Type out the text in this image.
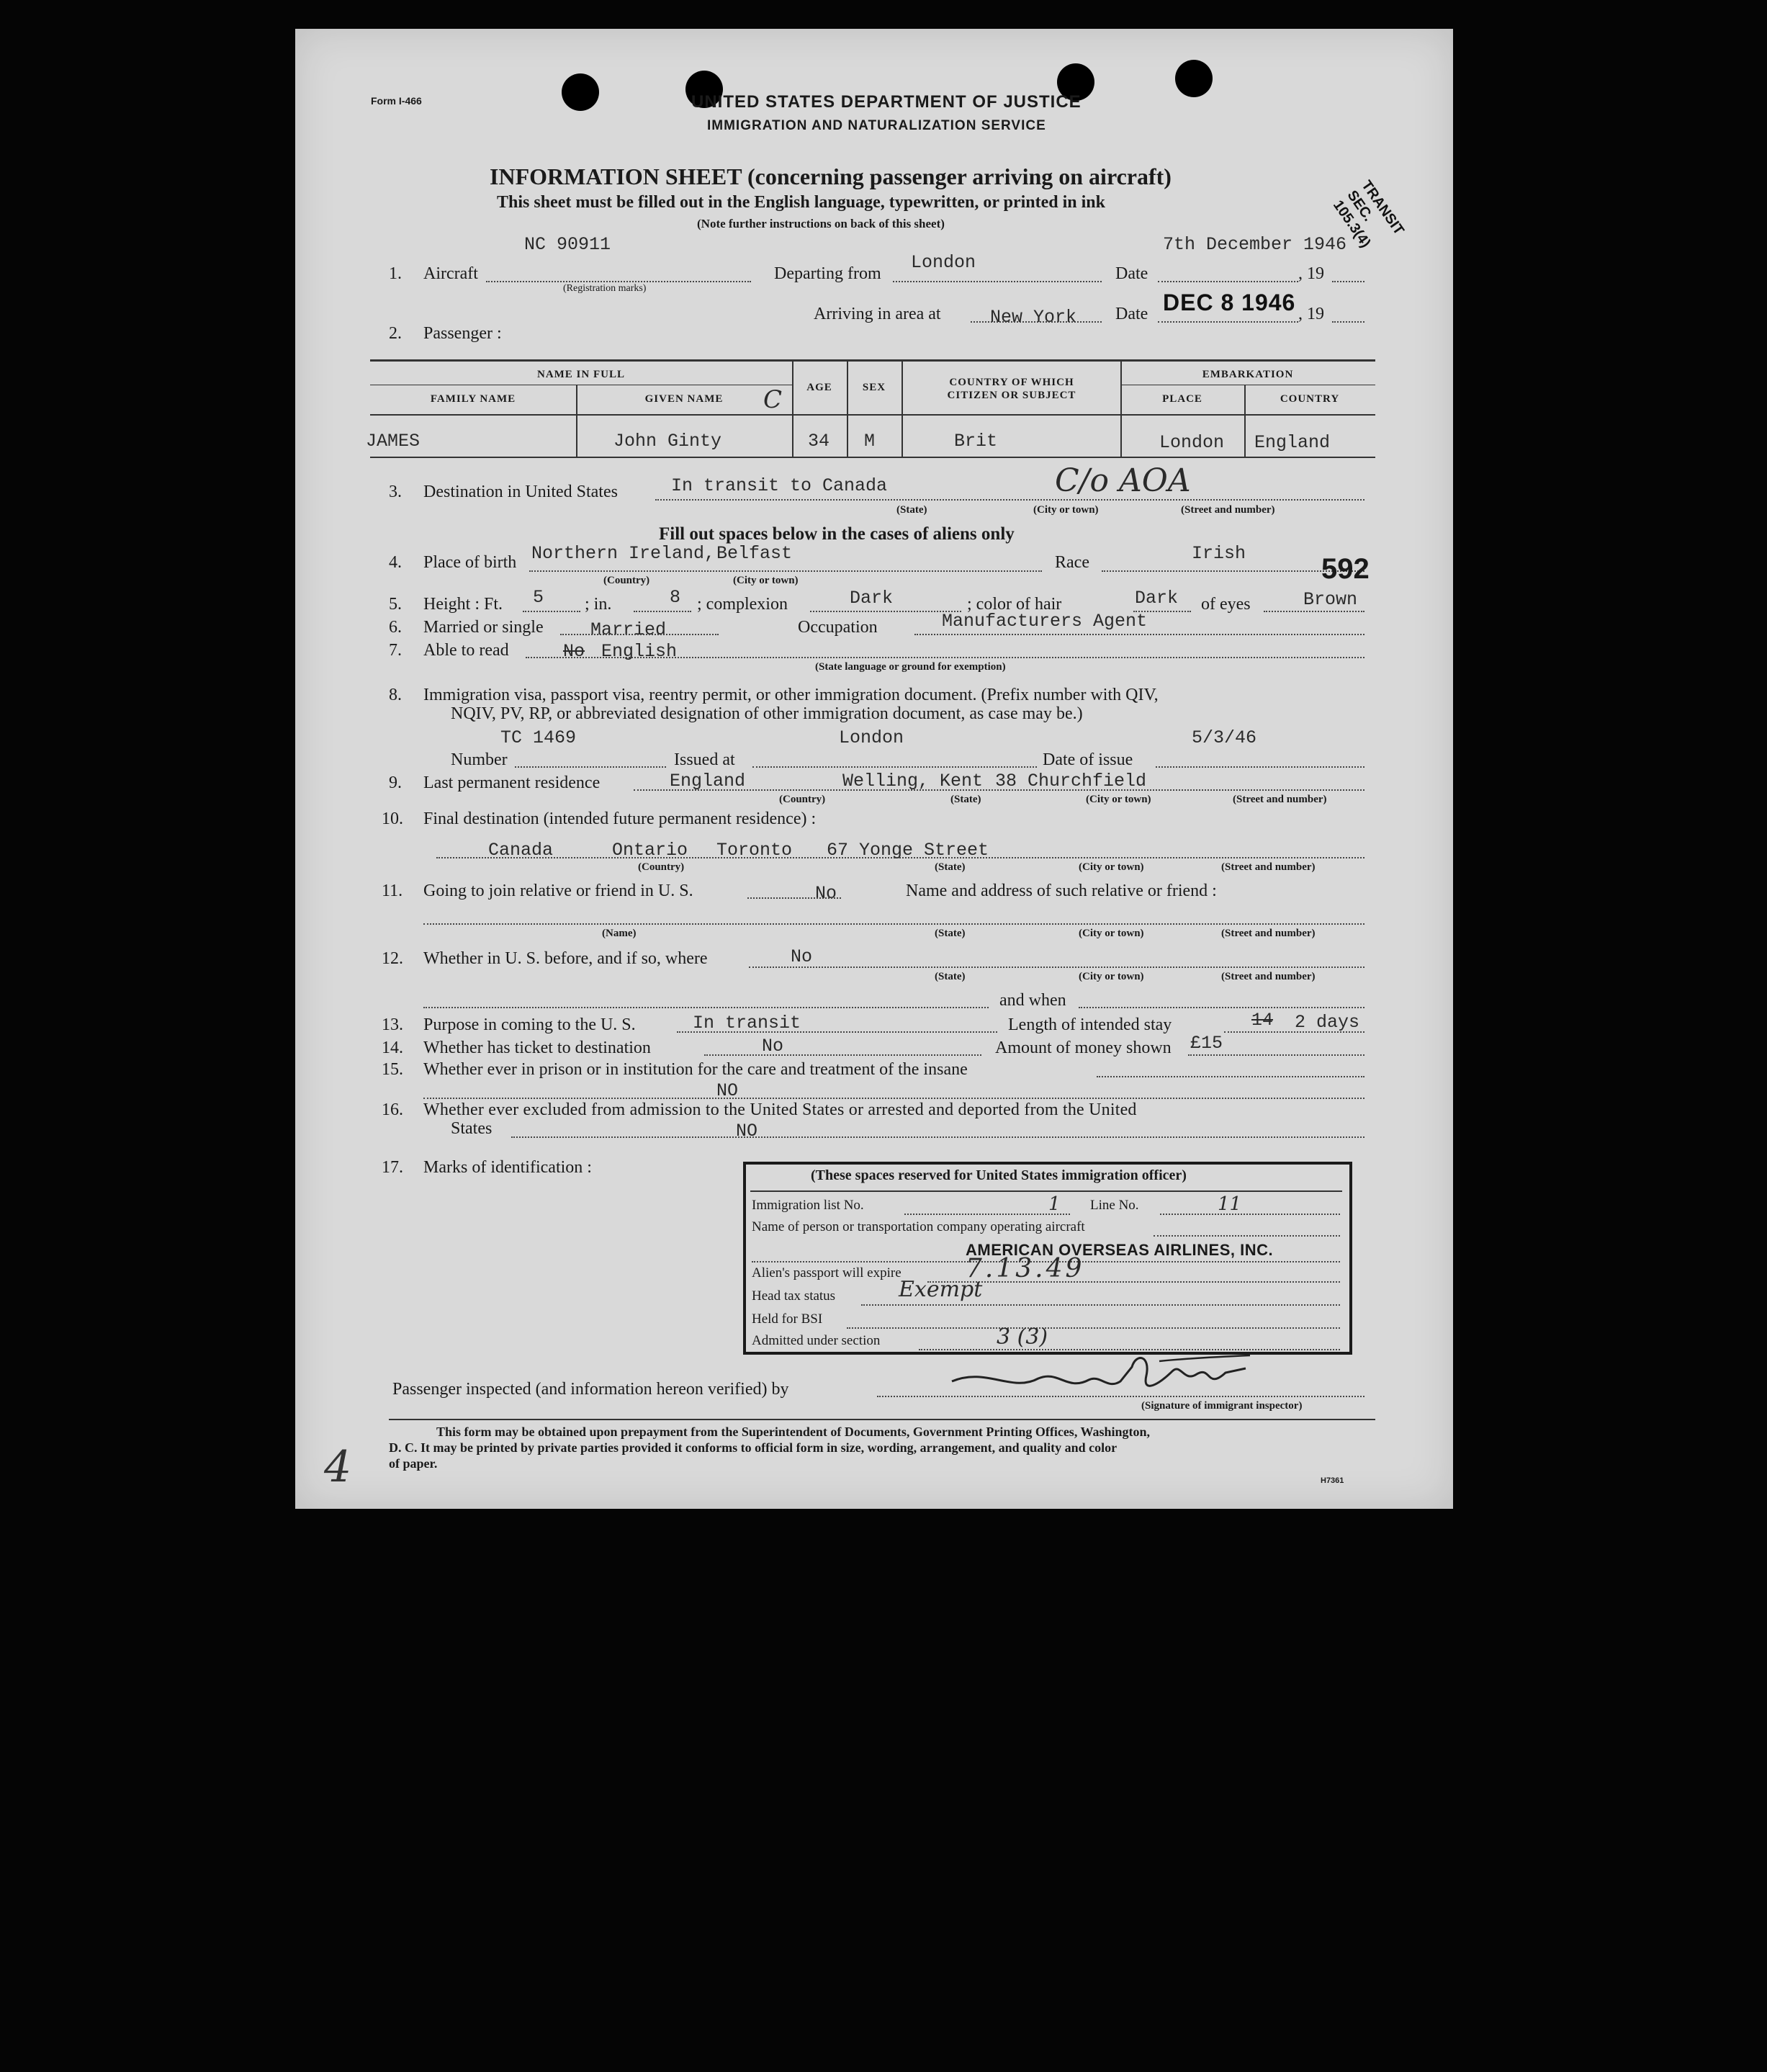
Form I-466	UNITED STATES DEPARTMENT OF JUSTICE
IMMIGRATION AND NATURALIZATION SERVICE
INFORMATION SHEET (concerning passenger arriving on aircraft)
This sheet must be filled out in the English language, typewritten, or printed in ink
(Note further instructions on back of this sheet)	TRANSIT SEC. 105.3(4)
NC 90911	7th December 1946
1. Aircraft
(Registration marks)
Departing from
London
Date	, 19
Arriving in area at	New York Date DEC 8 1946 , 19
2. Passenger :
NAME IN FULL
FAMILY NAME	GIVEN NAME
AGE	SEX	COUNTRY OF WHICH CITIZEN OR SUBJECT
EMBARKATION
PLACE	COUNTRY
JAMES	John Ginty
C
34 M	Brit	London England
3. Destination in United States	In transit to Canada	C/o AOA
(State)	(City or town)	(Street and number)
Fill out spaces below in the cases of aliens only
4. Place of birth Northern Ireland, Belfast
(Country)	(City or town)
Race	Irish	592
5. Height : Ft. 5 ; in.	8 ; complexion	Dark	; color of hair	Dark of eyes	Brown
6. Married or single	Married	Occupation	Manufacturers Agent
7. Able to read	No English
(State language or ground for exemption)
8. Immigration visa, passport visa, reentry permit, or other immigration document. (Prefix number with QIV,
NQIV, PV, RP, or abbreviated designation of other immigration document, as case may be.)
TC 1469	London	5/3/46
Number	Issued at	Date of issue
9. Last permanent residence	England	Welling, Kent 38 Churchfield
(Country)	(State)	(City or town)	(Street and number)
10. Final destination (intended future permanent residence) :
Canada	Ontario Toronto 67 Yonge Street
(Country)	(State)	(City or town)	(Street and number)
11. Going to join relative or friend in U. S.	No	Name and address of such relative or friend :
(Name)	(State)	(City or town)	(Street and number)
12. Whether in U. S. before, and if so, where	No
(State)	(City or town)	(Street and number)
and when
13. Purpose in coming to the U. S.	In transit	Length of intended stay	14 2 days
14. Whether has ticket to destination	No	Amount of money shown £15
15. Whether ever in prison or in institution for the care and treatment of the insane
NO
16. Whether ever excluded from admission to the United States or arrested and deported from the United
States	NO
17. Marks of identification :	(These spaces reserved for United States immigration officer)
Immigration list No.	1 Line No.	11
Name of person or transportation company operating aircraft
AMERICAN OVERSEAS AIRLINES, INC.
Alien's passport will expire 7.13.49
Head tax status	Exempt
Held for BSI
Admitted under section	3 (3)
Passenger inspected (and information hereon verified) by
(Signature of immigrant inspector)
This form may be obtained upon prepayment from the Superintendent of Documents, Government Printing Offices, Washington,
D. C. It may be printed by private parties provided it conforms to official form in size, wording, arrangement, and quality and color
of paper.
H7361
4
